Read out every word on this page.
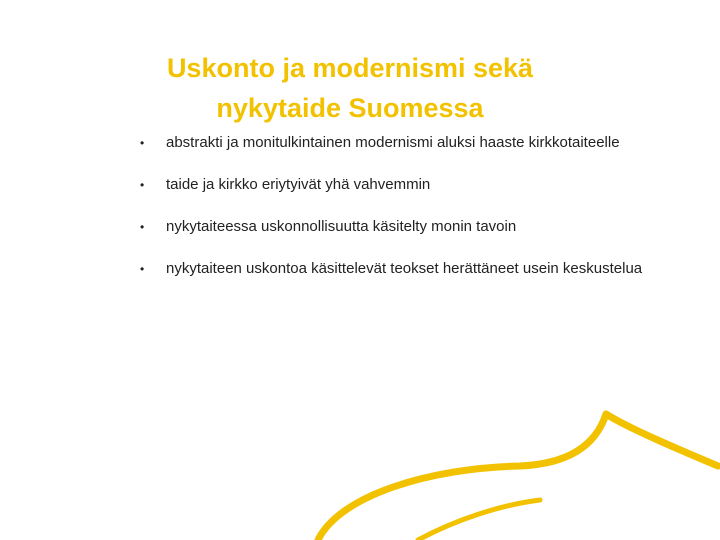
Uskonto ja modernismi sekä
nykytaide Suomessa
• abstrakti ja monitulkintainen modernismi aluksi haaste kirkkotaiteelle
• taide ja kirkko eriytyivät yhä vahvemmin
• nykytaiteessa uskonnollisuutta käsitelty monin tavoin
• nykytaiteen uskontoa käsittelevät teokset herättäneet usein keskustelua
